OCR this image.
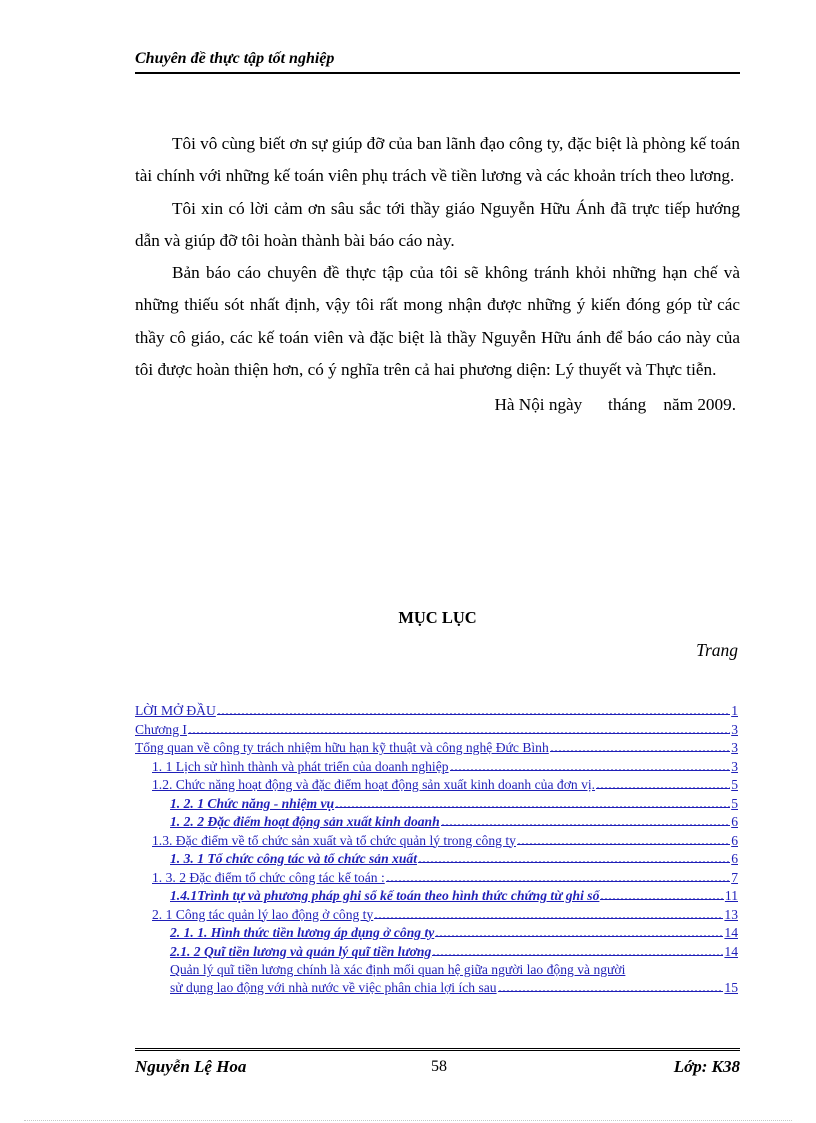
Chuyên đề thực tập tốt nghiệp

Tôi vô cùng biết ơn sự giúp đỡ của ban lãnh đạo công ty, đặc biệt là phòng kế toán tài chính với những kế toán viên phụ trách về tiền lương và các khoản trích theo lương.

Tôi xin có lời cảm ơn sâu sắc tới thầy giáo Nguyễn Hữu Ánh đã trực tiếp hướng dẫn và giúp đỡ tôi hoàn thành bài báo cáo này.

Bản báo cáo chuyên đề thực tập của tôi sẽ không tránh khỏi những hạn chế và những thiếu sót nhất định, vậy tôi rất mong nhận được những ý kiến đóng góp từ các thầy cô giáo, các kế toán viên và đặc biệt là thầy Nguyễn Hữu ánh để báo cáo này của tôi được hoàn thiện hơn, có ý nghĩa trên cả hai phương diện: Lý thuyết và Thực tiễn.

Hà Nội ngày      tháng    năm 2009.

MỤC LỤC
Trang
LỜI MỞ ĐẦU	1
Chương I	3
Tổng quan về công ty trách nhiệm hữu hạn kỹ thuật và công nghệ Đức Bình	3
1. 1 Lịch sử hình thành và phát triển của doanh nghiệp	3
1.2. Chức năng hoạt động và đặc điểm hoạt động sản xuất kinh doanh của đơn vị.	5
1. 2. 1 Chức năng - nhiệm vụ	5
1. 2. 2 Đặc điểm hoạt động sản xuất kinh doanh	6
1.3. Đặc điểm về tổ chức sản xuất và tổ chức quản lý trong công ty	6
1. 3. 1 Tổ chức công tác và tổ chức sản xuất	6
1. 3. 2 Đặc điểm tổ chức công tác kế toán :	7
1.4.1Trình tự và phương pháp ghi sổ kế toán theo hình thức chứng từ ghi sổ	11
2. 1 Công tác quản lý lao động ở công ty	13
2. 1. 1. Hình thức tiền lương áp dụng ở công ty	14
2.1. 2 Quĩ tiền lương và quản lý quĩ tiền lương	14
Quản lý quĩ tiền lương chính là xác định mối quan hệ giữa người lao động và người
sử dụng lao động với nhà nước về việc phân chia lợi ích sau	15
Nguyễn Lệ Hoa	58	Lớp: K38
